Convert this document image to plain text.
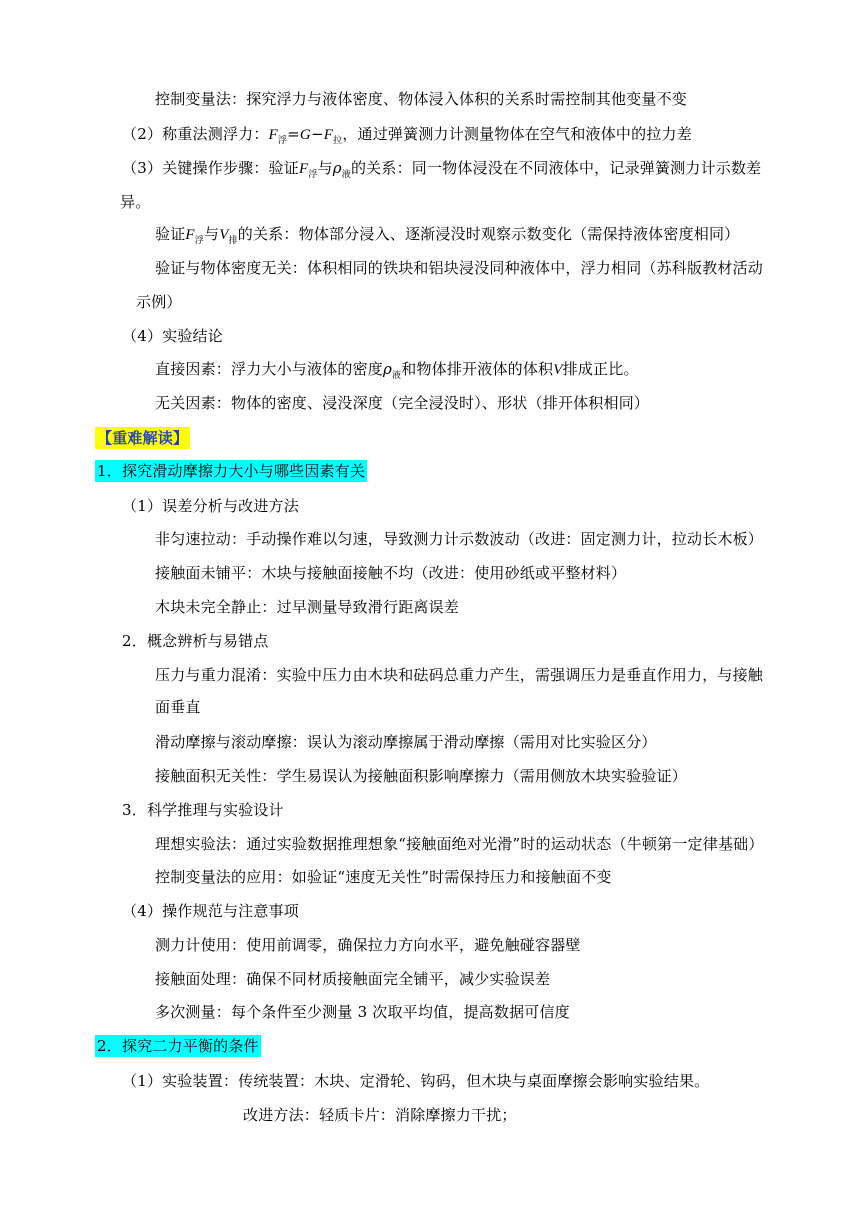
控制变量法：探究浮力与液体密度、物体浸入体积的关系时需控制其他变量不变
（2）称重法测浮力：$F_浮=G-F_拉$，通过弹簧测力计测量物体在空气和液体中的拉力差
（3）关键操作步骤：验证$F_浮$与$\rho_液$的关系：同一物体浸没在不同液体中，记录弹簧测力计示数差
异。
验证$F_浮$与$V_排$的关系：物体部分浸入、逐渐浸没时观察示数变化（需保持液体密度相同）
验证与物体密度无关：体积相同的铁块和铝块浸没同种液体中，浮力相同（苏科版教材活动
示例）
（4）实验结论
直接因素：浮力大小与液体的密度$\rho_液$和物体排开液体的体积V排成正比。
无关因素：物体的密度、浸没深度（完全浸没时）、形状（排开体积相同）
【重难解读】
1．探究滑动摩擦力大小与哪些因素有关
（1）误差分析与改进方法
非匀速拉动：手动操作难以匀速，导致测力计示数波动（改进：固定测力计，拉动长木板）
接触面未铺平：木块与接触面接触不均（改进：使用砂纸或平整材料）
木块未完全静止：过早测量导致滑行距离误差
2．概念辨析与易错点
压力与重力混淆：实验中压力由木块和砝码总重力产生，需强调压力是垂直作用力，与接触
面垂直
滑动摩擦与滚动摩擦：误认为滚动摩擦属于滑动摩擦（需用对比实验区分）
接触面积无关性：学生易误认为接触面积影响摩擦力（需用侧放木块实验验证）
3．科学推理与实验设计
理想实验法：通过实验数据推理想象“接触面绝对光滑”时的运动状态（牛顿第一定律基础）
控制变量法的应用：如验证“速度无关性”时需保持压力和接触面不变
（4）操作规范与注意事项
测力计使用：使用前调零，确保拉力方向水平，避免触碰容器壁
接触面处理：确保不同材质接触面完全铺平，减少实验误差
多次测量：每个条件至少测量 3 次取平均值，提高数据可信度
2．探究二力平衡的条件
（1）实验装置：传统装置：木块、定滑轮、钩码，但木块与桌面摩擦会影响实验结果。
改进方法：轻质卡片：消除摩擦力干扰；
